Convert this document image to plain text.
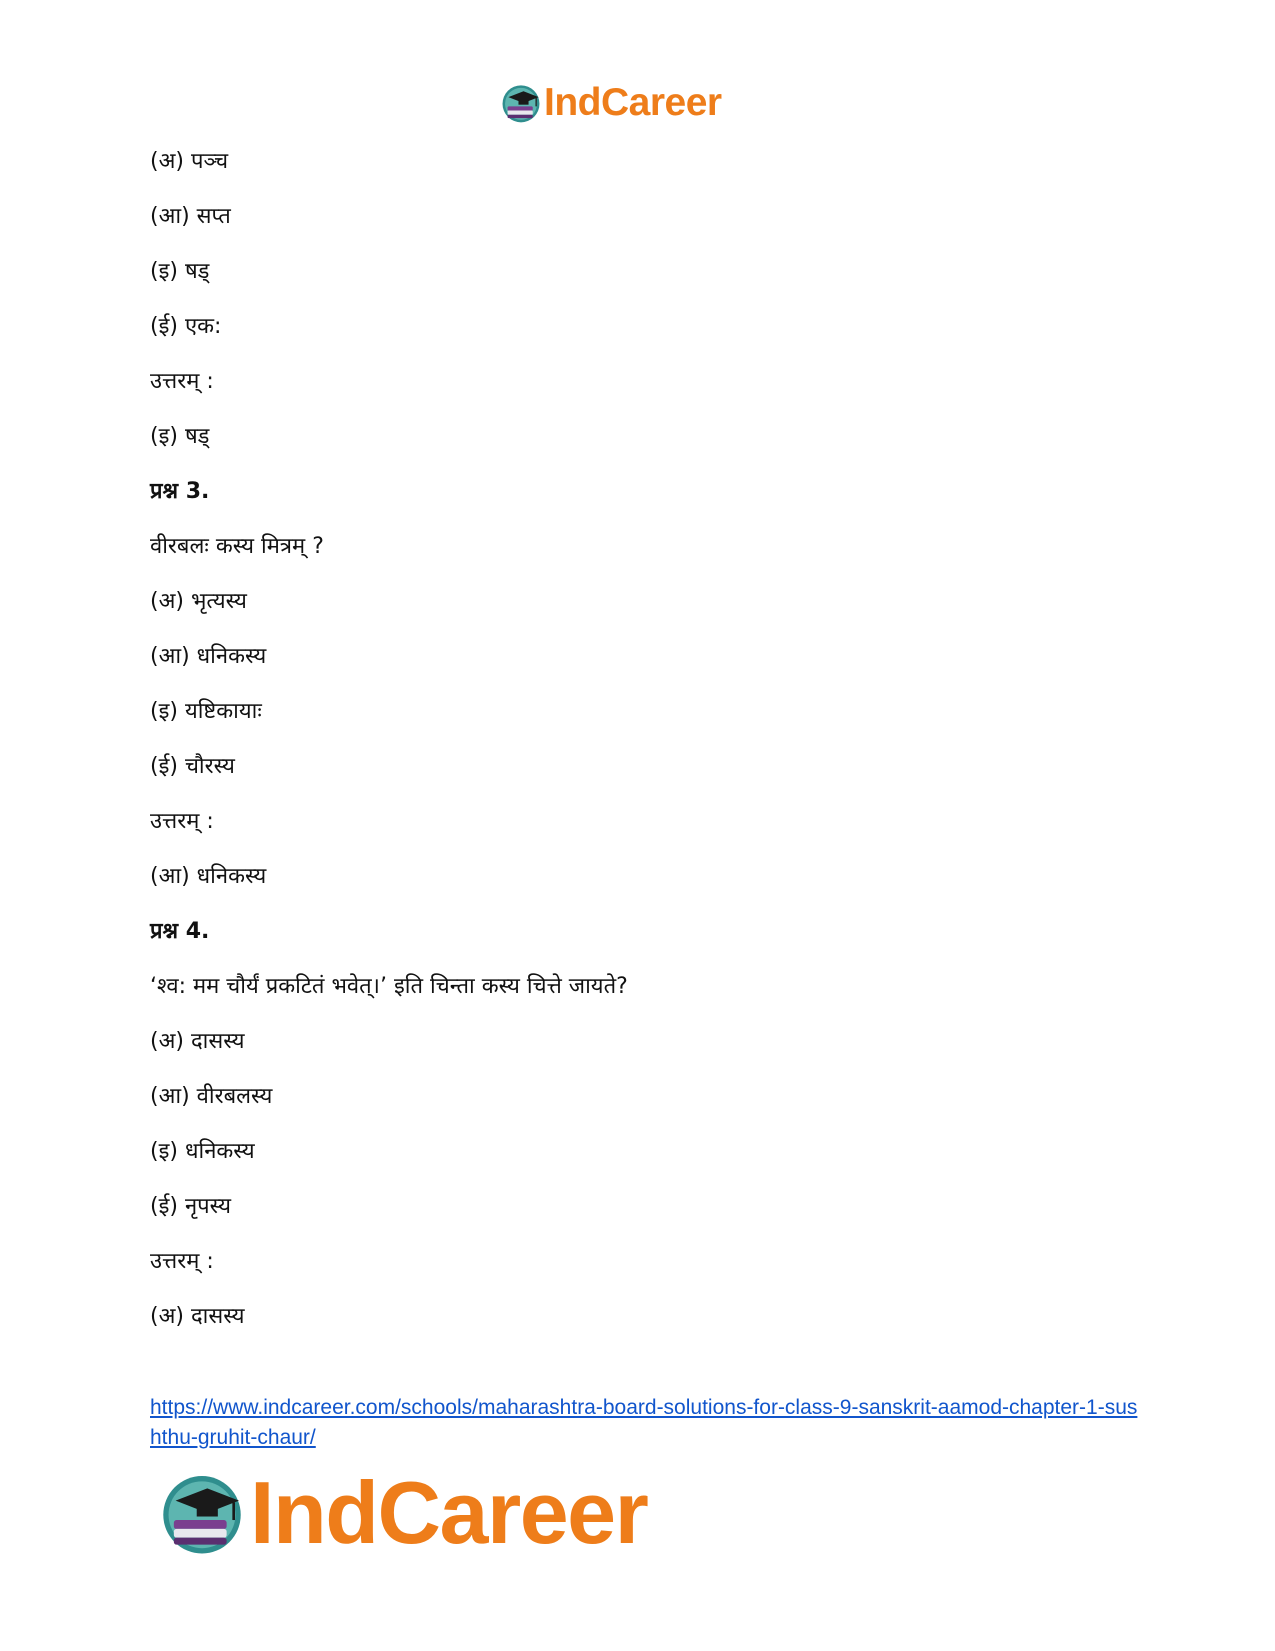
IndCareer
(अ) पञ्च
(आ) सप्त
(इ) षड्
(ई) एक:
उत्तरम् :
(इ) षड्
प्रश्न 3.
वीरबलः कस्य मित्रम् ?
(अ) भृत्यस्य
(आ) धनिकस्य
(इ) यष्टिकायाः
(ई) चौरस्य
उत्तरम् :
(आ) धनिकस्य
प्रश्न 4.
‘श्व: मम चौर्यं प्रकटितं भवेत्।’ इति चिन्ता कस्य चित्ते जायते?
(अ) दासस्य
(आ) वीरबलस्य
(इ) धनिकस्य
(ई) नृपस्य
उत्तरम् :
(अ) दासस्य
https://www.indcareer.com/schools/maharashtra-board-solutions-for-class-9-sanskrit-aamod-chapter-1-sushthu-gruhit-chaur/
IndCareer
